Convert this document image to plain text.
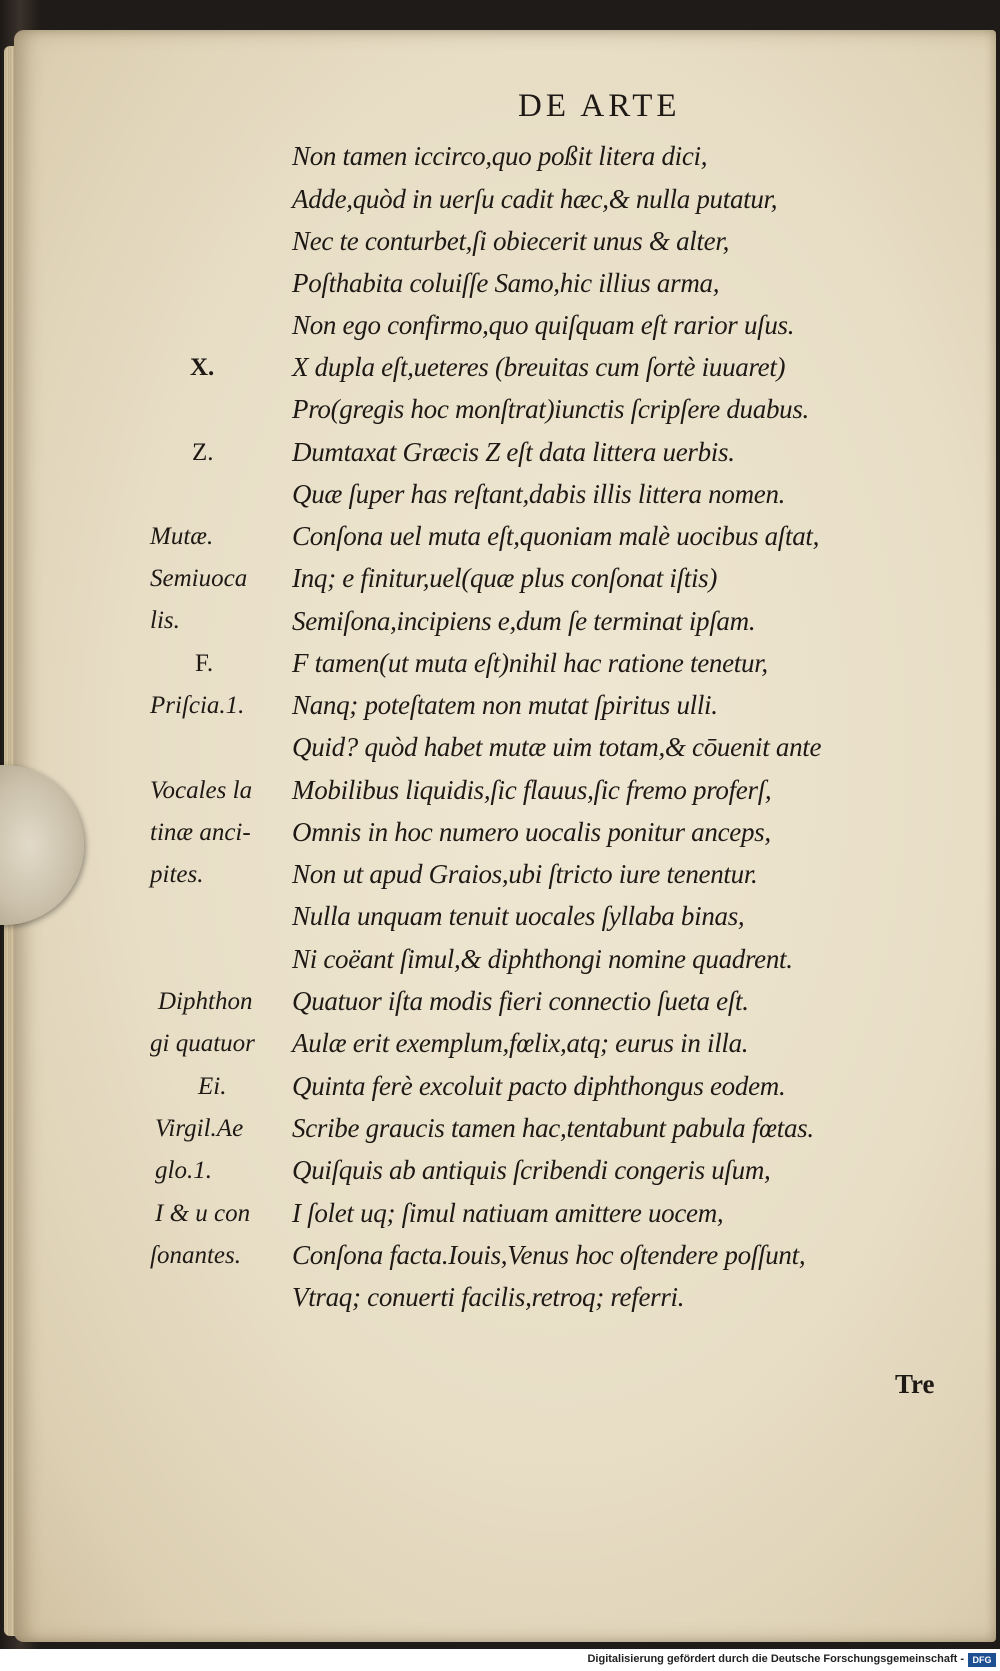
DE ARTE
Non tamen iccirco,quo poßit litera dici,
Adde,quòd in uerſu cadit hæc,& nulla putatur,
Nec te conturbet,ſi obiecerit unus & alter,
Poſthabita coluiſſe Samo,hic illius arma,
Non ego confirmo,quo quiſquam eſt rarior uſus.
X dupla eſt,ueteres (breuitas cum ſortè iuuaret)
Pro(gregis hoc monſtrat)iunctis ſcripſere duabus.
Dumtaxat Græcis Z eſt data littera uerbis.
Quæ ſuper has reſtant,dabis illis littera nomen.
Conſona uel muta eſt,quoniam malè uocibus aſtat,
Inq; e finitur,uel(quæ plus conſonat iſtis)
Semiſona,incipiens e,dum ſe terminat ipſam.
F tamen(ut muta eſt)nihil hac ratione tenetur,
Nanq; poteſtatem non mutat ſpiritus ulli.
Quid? quòd habet mutæ uim totam,& cōuenit ante
Mobilibus liquidis,ſic flauus,ſic fremo proferſ,
Omnis in hoc numero uocalis ponitur anceps,
Non ut apud Graios,ubi ſtricto iure tenentur.
Nulla unquam tenuit uocales ſyllaba binas,
Ni coëant ſimul,& diphthongi nomine quadrent.
Quatuor iſta modis fieri connectio ſueta eſt.
Aulæ erit exemplum,fœlix,atq; eurus in illa.
Quinta ferè excoluit pacto diphthongus eodem.
Scribe graucis tamen hac,tentabunt pabula fœtas.
Quiſquis ab antiquis ſcribendi congeris uſum,
I ſolet uq; ſimul natiuam amittere uocem,
Conſona facta.Iouis,Venus hoc oſtendere poſſunt,
Vtraq; conuerti facilis,retroq; referri.
X.
Z.
Mutæ.
Semiuoca
lis.
F.
Priſcia.1.
Vocales la
tinæ anci-
pites.
Diphthon
gi quatuor
Ei.
Virgil.Ae
glo.1.
I & u con
ſonantes.
Tre
Digitalisierung gefördert durch die Deutsche Forschungsgemeinschaft - DFG
